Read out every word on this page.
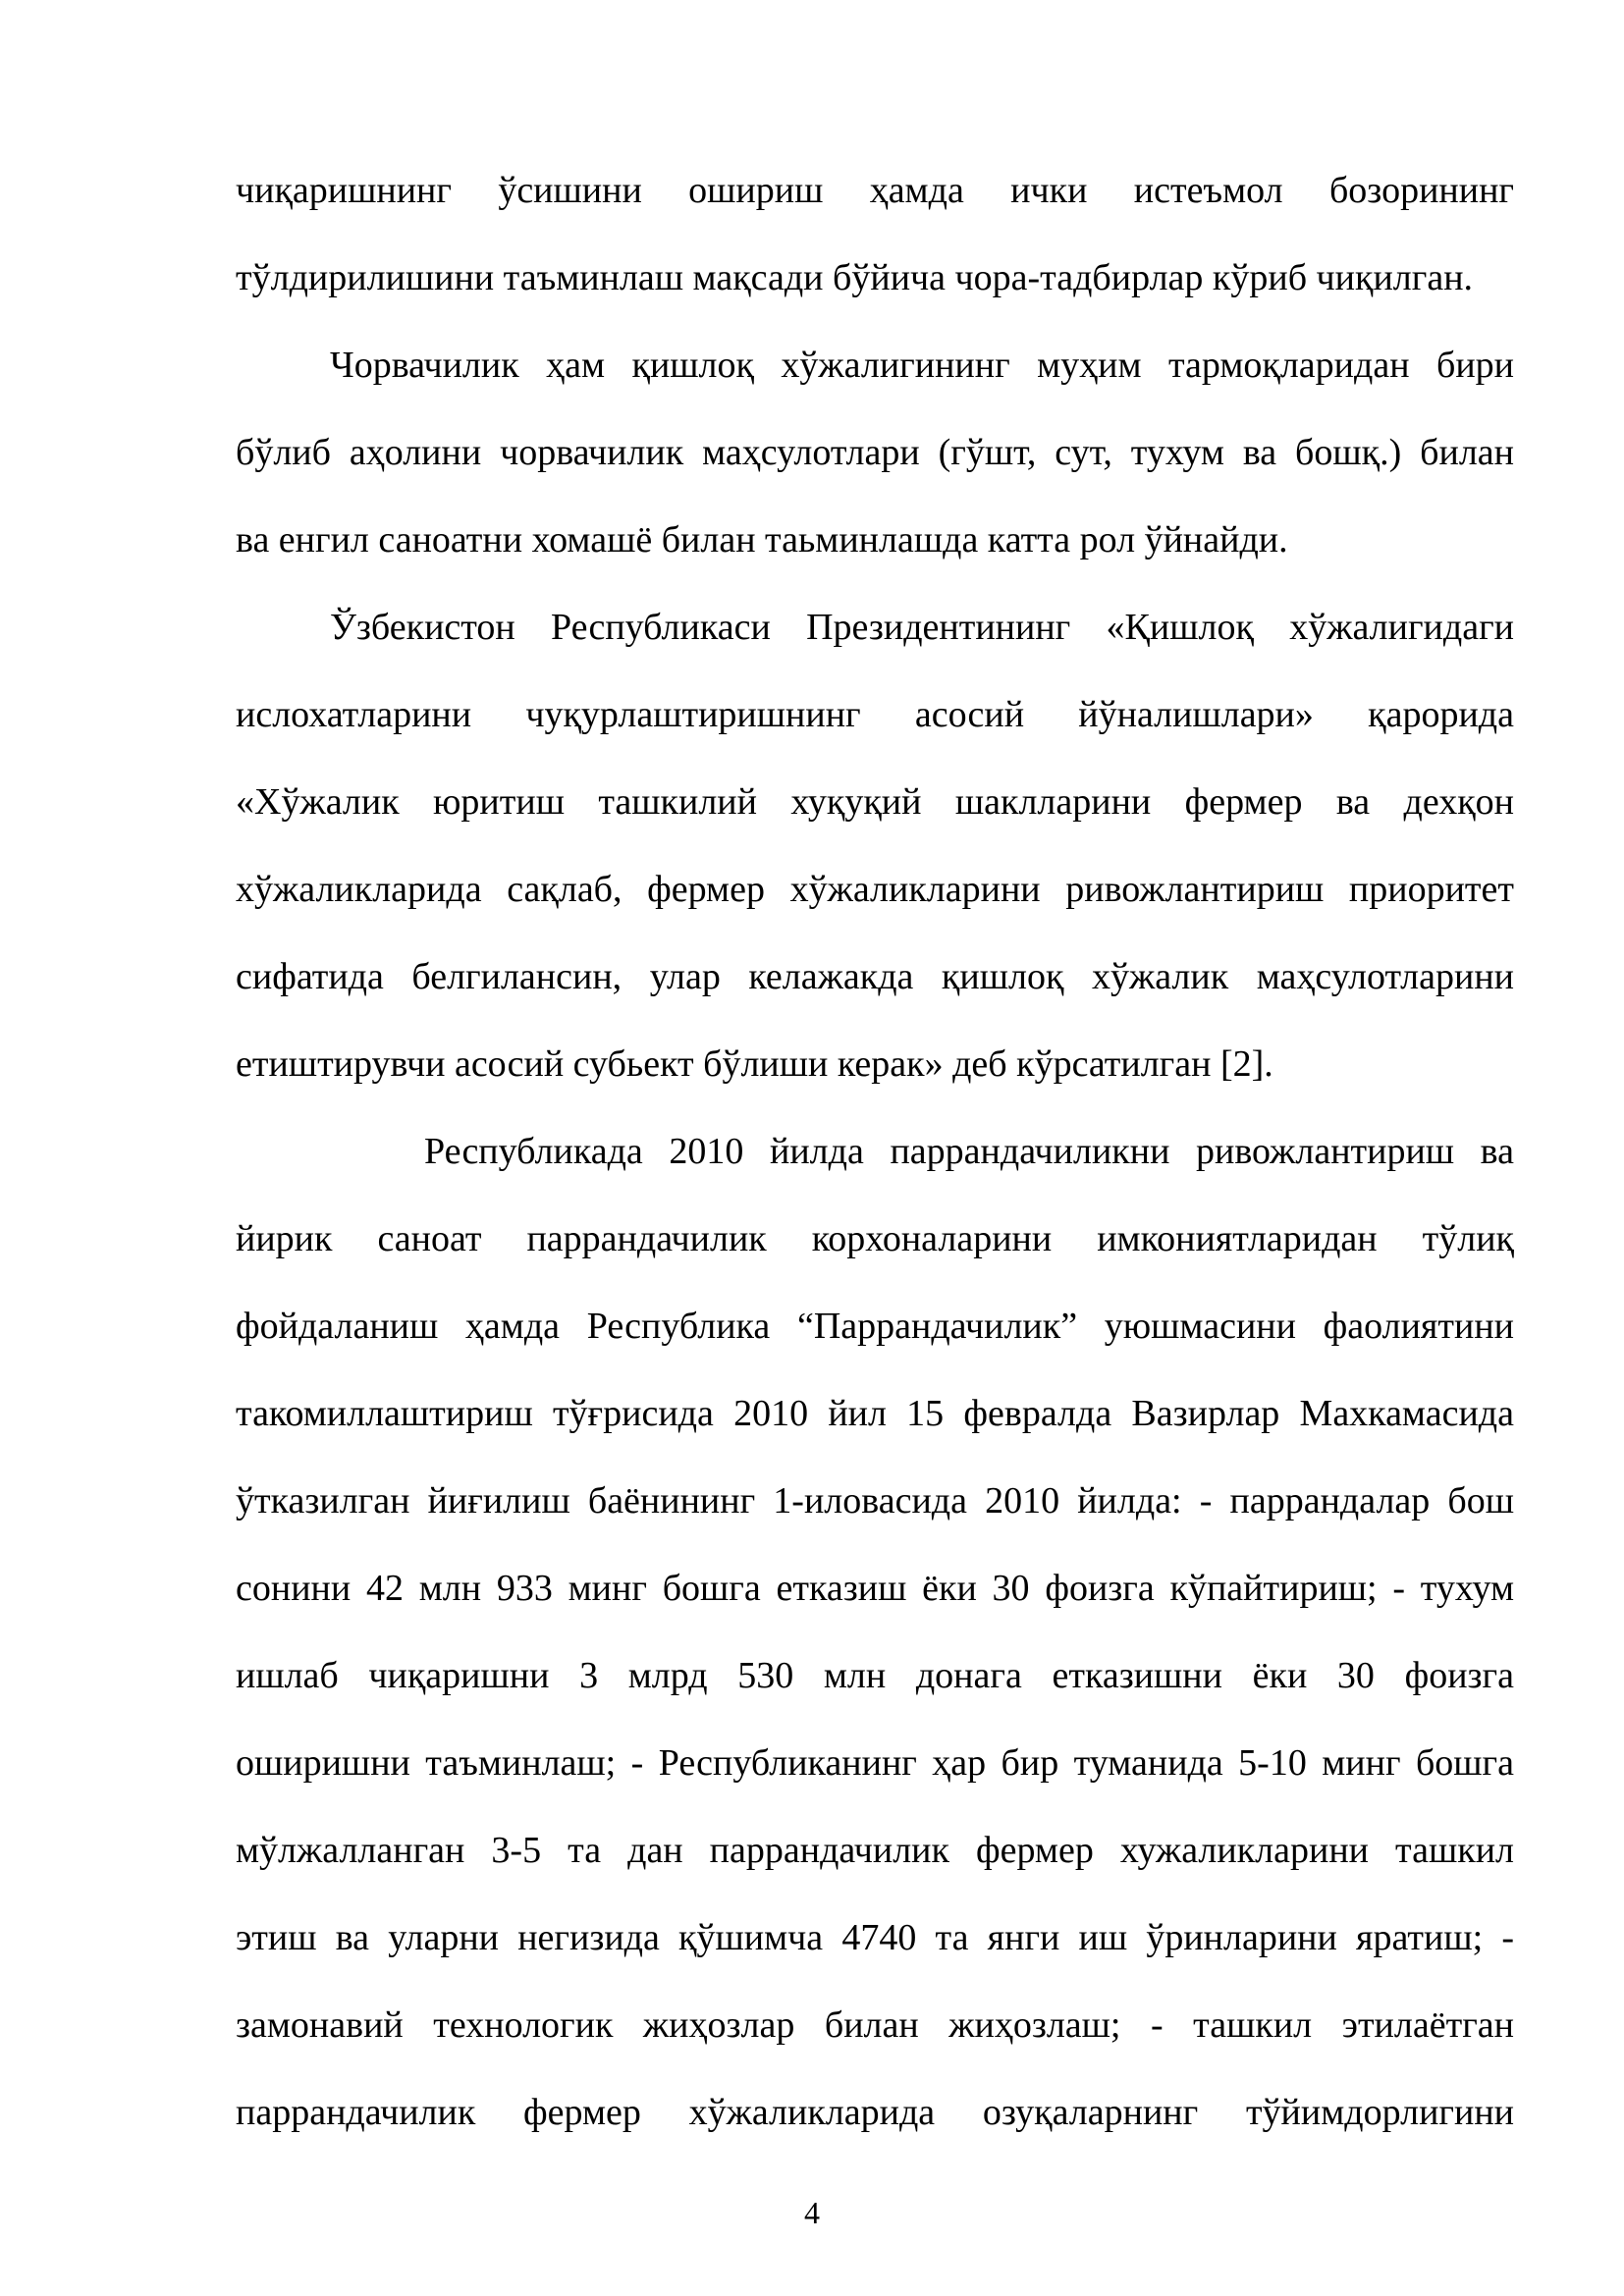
чиқаришнинг ўсишини ошириш ҳамда ички истеъмол бозорининг
тўлдирилишини таъминлаш мақсади бўйича чора-тадбирлар кўриб чиқилган.

Чорвачилик ҳам қишлоқ хўжалигининг муҳим тармоқларидан бири
бўлиб аҳолини чорвачилик маҳсулотлари (гўшт, сут, тухум ва бошқ.) билан
ва енгил саноатни хомашё билан таьминлашда катта рол ўйнайди.

Ўзбекистон Республикаси Президентининг «Қишлоқ хўжалигидаги
ислохатларини чуқурлаштиришнинг асосий йўналишлари» қарорида
«Хўжалик юритиш ташкилий хуқуқий шаклларини фермер ва дехқон
хўжаликларида сақлаб, фермер хўжаликларини ривожлантириш приоритет
сифатида белгилансин, улар келажакда қишлоқ хўжалик маҳсулотларини
етиштирувчи асосий субьект бўлиши керак» деб кўрсатилган [2].

Республикада 2010 йилда паррандачиликни ривожлантириш ва
йирик саноат паррандачилик корхоналарини имкониятларидан тўлиқ
фойдаланиш ҳамда Республика “Паррандачилик” уюшмасини фаолиятини
такомиллаштириш тўғрисида 2010 йил 15 февралда Вазирлар Махкамасида
ўтказилган йиғилиш баёнининг 1-иловасида 2010 йилда: - паррандалар бош
сонини 42 млн 933 минг бошга етказиш ёки 30 фоизга кўпайтириш; - тухум
ишлаб чиқаришни 3 млрд 530 млн донага етказишни ёки 30 фоизга
оширишни таъминлаш; - Республиканинг ҳар бир туманида 5-10 минг бошга
мўлжалланган 3-5 та дан паррандачилик фермер хужаликларини ташкил
этиш ва уларни негизида қўшимча 4740 та янги иш ўринларини яратиш; -
замонавий технологик жиҳозлар билан жиҳозлаш; - ташкил этилаётган
паррандачилик фермер хўжаликларида озуқаларнинг тўйимдорлигини

4
